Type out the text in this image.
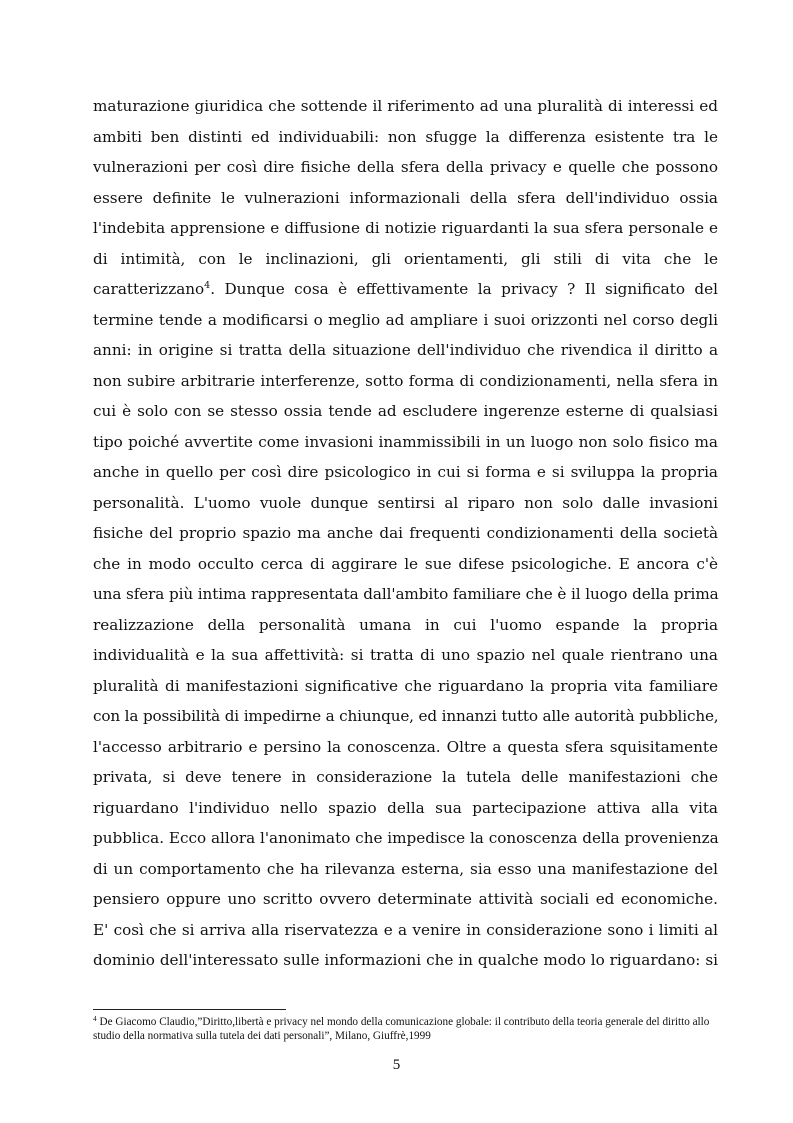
maturazione giuridica che sottende il riferimento ad una pluralità di interessi ed
ambiti ben distinti ed individuabili: non sfugge la differenza esistente tra le
vulnerazioni per così dire fisiche della sfera della privacy e quelle che possono
essere definite le vulnerazioni informazionali della sfera dell'individuo ossia
l'indebita apprensione e diffusione di notizie riguardanti la sua sfera personale e
di intimità, con le inclinazioni, gli orientamenti, gli stili di vita che le
caratterizzano$^4$. Dunque cosa è effettivamente la privacy ? Il significato del
termine tende a modificarsi o meglio ad ampliare i suoi orizzonti nel corso degli
anni: in origine si tratta della situazione dell'individuo che rivendica il diritto a
non subire arbitrarie interferenze, sotto forma di condizionamenti, nella sfera in
cui è solo con se stesso ossia tende ad escludere ingerenze esterne di qualsiasi
tipo poiché avvertite come invasioni inammissibili in un luogo non solo fisico ma
anche in quello per così dire psicologico in cui si forma e si sviluppa la propria
personalità. L'uomo vuole dunque sentirsi al riparo non solo dalle invasioni
fisiche del proprio spazio ma anche dai frequenti condizionamenti della società
che in modo occulto cerca di aggirare le sue difese psicologiche. E ancora c'è
una sfera più intima rappresentata dall'ambito familiare che è il luogo della prima
realizzazione della personalità umana in cui l'uomo espande la propria
individualità e la sua affettività: si tratta di uno spazio nel quale rientrano una
pluralità di manifestazioni significative che riguardano la propria vita familiare
con la possibilità di impedirne a chiunque, ed innanzi tutto alle autorità pubbliche,
l'accesso arbitrario e persino la conoscenza. Oltre a questa sfera squisitamente
privata, si deve tenere in considerazione la tutela delle manifestazioni che
riguardano l'individuo nello spazio della sua partecipazione attiva alla vita
pubblica. Ecco allora l'anonimato che impedisce la conoscenza della provenienza
di un comportamento che ha rilevanza esterna, sia esso una manifestazione del
pensiero oppure uno scritto ovvero determinate attività sociali ed economiche.
E' così che si arriva alla riservatezza e a venire in considerazione sono i limiti al
dominio dell'interessato sulle informazioni che in qualche modo lo riguardano: si
$^4$ De Giacomo Claudio,”Diritto,libertà e privacy nel mondo della comunicazione globale: il contributo della teoria generale del diritto allo studio della normativa sulla tutela dei dati personali”, Milano, Giuffrè,1999
5
